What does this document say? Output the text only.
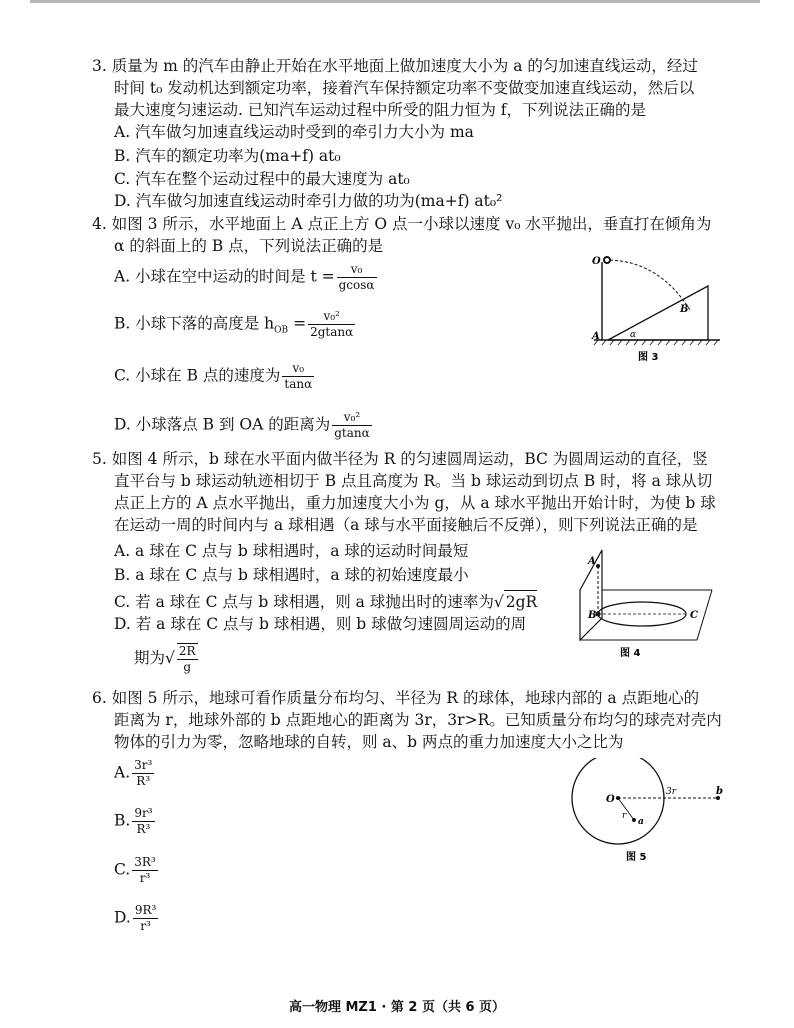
3. 质量为 m 的汽车由静止开始在水平地面上做加速度大小为 a 的匀加速直线运动，经过
时间 t₀ 发动机达到额定功率，接着汽车保持额定功率不变做变加速直线运动，然后以
最大速度匀速运动. 已知汽车运动过程中所受的阻力恒为 f，下列说法正确的是
A. 汽车做匀加速直线运动时受到的牵引力大小为 ma
B. 汽车的额定功率为(ma+f) at₀
C. 汽车在整个运动过程中的最大速度为 at₀
D. 汽车做匀加速直线运动时牵引力做的功为(ma+f) at₀²
4. 如图 3 所示，水平地面上 A 点正上方 O 点一小球以速度 v₀ 水平抛出，垂直打在倾角为
α 的斜面上的 B 点，下列说法正确的是
A. 小球在空中运动的时间是 $t = \frac{\text{v₀}}{gcos\alpha}$
B. 小球下落的高度是 $h_{OB} = \frac{\text{v₀²}}{2gtan\alpha}$
C. 小球在 B 点的速度为 $\frac{\text{v₀}}{\tan\alpha}$
D. 小球落点 B 到 OA 的距离为 $\frac{\text{v₀²}}{gtan\alpha}$
O
A
B
α
图 3
5. 如图 4 所示，b 球在水平面内做半径为 R 的匀速圆周运动，BC 为圆周运动的直径，竖
直平台与 b 球运动轨迹相切于 B 点且高度为 R。当 b 球运动到切点 B 时，将 a 球从切
点正上方的 A 点水平抛出，重力加速度大小为 g，从 a 球水平抛出开始计时，为使 b 球
在运动一周的时间内与 a 球相遇（a 球与水平面接触后不反弹），则下列说法正确的是
A. a 球在 C 点与 b 球相遇时，a 球的运动时间最短
B. a 球在 C 点与 b 球相遇时，a 球的初始速度最小
C. 若 a 球在 C 点与 b 球相遇，则 a 球抛出时的速率为√ 2gR
D. 若 a 球在 C 点与 b 球相遇，则 b 球做匀速圆周运动的周
期为√ $\frac{2R}{g}$
A
B	C
图 4
6. 如图 5 所示，地球可看作质量分布均匀、半径为 R 的球体，地球内部的 a 点距地心的
距离为 r，地球外部的 b 点距地心的距离为 3r，3r>R。已知质量分布均匀的球壳对壳内
物体的引力为零，忽略地球的自转，则 a、b 两点的重力加速度大小之比为
A. $\frac{\text{3r³}}{\text{R³}}$
B. $\frac{\text{9r³}}{\text{R³}}$
C. $\frac{\text{3R³}}{\text{r³}}$
D. $\frac{\text{9R³}}{\text{r³}}$
O
r
a
3r	b
图 5
高一物理 MZ1 · 第 2 页（共 6 页）
